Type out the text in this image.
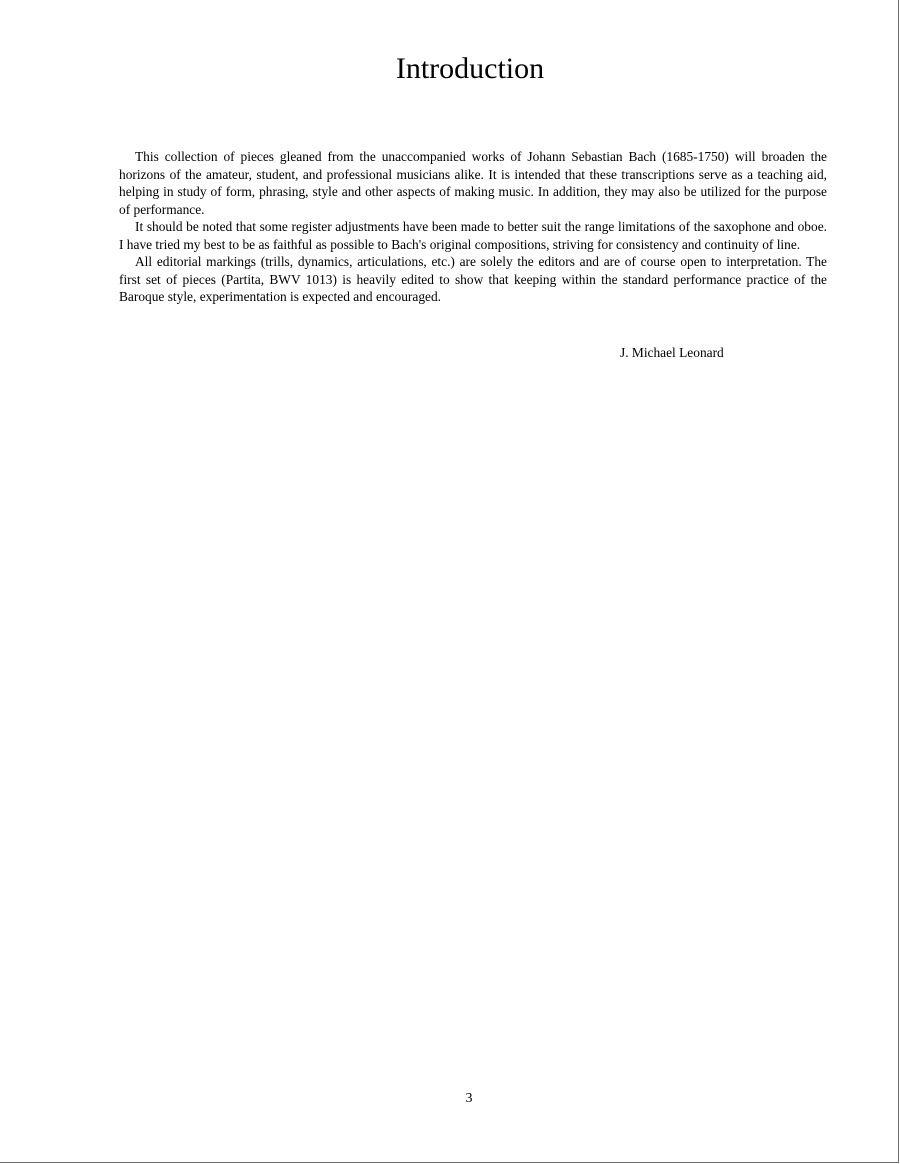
Introduction

This collection of pieces gleaned from the unaccompanied works of Johann Sebastian Bach (1685-1750) will broaden the horizons of the amateur, student, and professional musicians alike. It is intended that these transcriptions serve as a teaching aid, helping in study of form, phrasing, style and other aspects of making music. In addition, they may also be utilized for the purpose of performance.

It should be noted that some register adjustments have been made to better suit the range limitations of the saxophone and oboe. I have tried my best to be as faithful as possible to Bach's original compositions, striving for consistency and continuity of line.

All editorial markings (trills, dynamics, articulations, etc.) are solely the editors and are of course open to interpretation. The first set of pieces (Partita, BWV 1013) is heavily edited to show that keeping within the standard performance practice of the Baroque style, experimentation is expected and encouraged.

J. Michael Leonard
3
